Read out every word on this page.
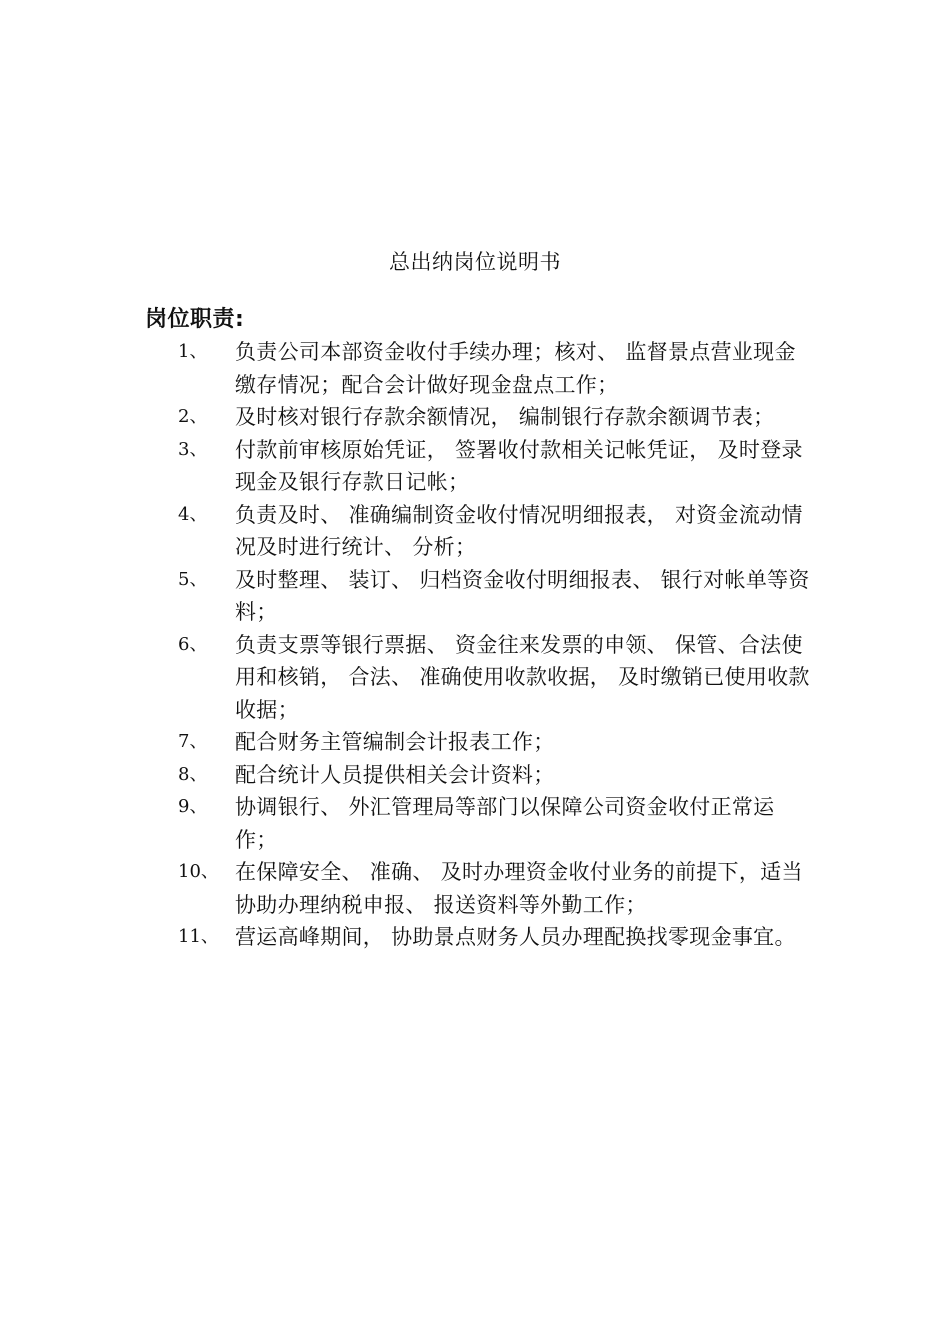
总出纳岗位说明书
岗位职责:
1、 负责公司本部资金收付手续办理；核对、 监督景点营业现金缴存情况；配合会计做好现金盘点工作；
2、 及时核对银行存款余额情况， 编制银行存款余额调节表；
3、 付款前审核原始凭证， 签署收付款相关记帐凭证， 及时登录现金及银行存款日记帐；
4、 负责及时、 准确编制资金收付情况明细报表， 对资金流动情况及时进行统计、 分析；
5、 及时整理、 装订、 归档资金收付明细报表、 银行对帐单等资料；
6、 负责支票等银行票据、 资金往来发票的申领、 保管、合法使用和核销， 合法、 准确使用收款收据， 及时缴销已使用收款收据；
7、 配合财务主管编制会计报表工作；
8、 配合统计人员提供相关会计资料；
9、 协调银行、 外汇管理局等部门以保障公司资金收付正常运作；
10、 在保障安全、 准确、 及时办理资金收付业务的前提下，适当协助办理纳税申报、 报送资料等外勤工作；
11、 营运高峰期间， 协助景点财务人员办理配换找零现金事宜。
